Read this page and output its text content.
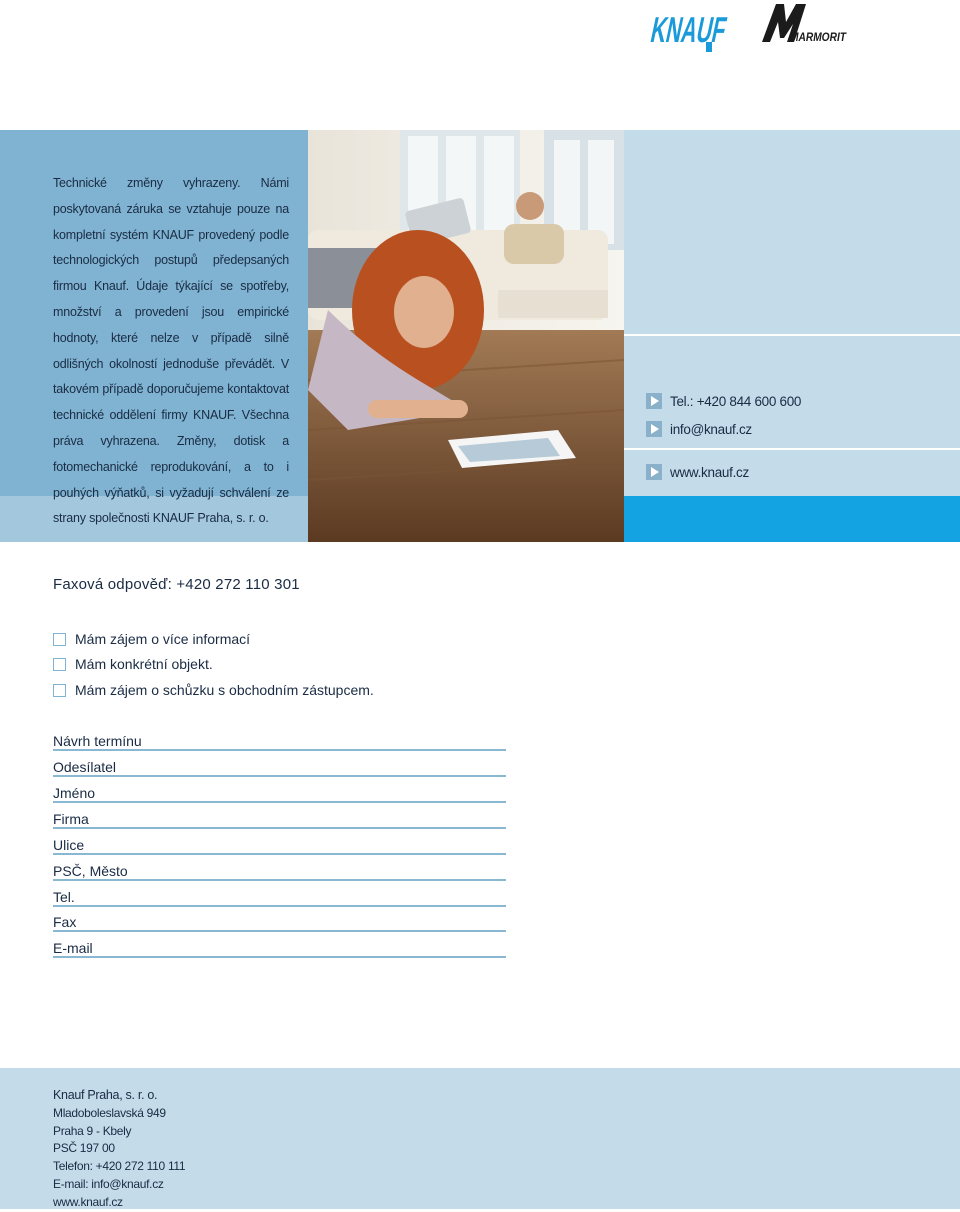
KNAUF MARMORIT
Technické změny vyhrazeny. Námi poskytovaná záruka se vztahuje pouze na kompletní systém KNAUF provedený podle technologických postupů předepsaných firmou Knauf. Údaje týkající se spotřeby, množství a provedení jsou empirické hodnoty, které nelze v případě silně odlišných okolností jednoduše převádět. V takovém případě doporučujeme kontaktovat technické oddělení firmy KNAUF. Všechna práva vyhrazena. Změny, dotisk a fotomechanické reprodukování, a to i pouhých výňatků, si vyžadují schválení ze strany společnosti KNAUF Praha, s. r. o.
Tel.: +420 844 600 600
info@knauf.cz
www.knauf.cz
Faxová odpověď: +420 272 110 301
Mám zájem o více informací
Mám konkrétní objekt.
Mám zájem o schůzku s obchodním zástupcem.
Návrh termínu
Odesílatel
Jméno
Firma
Ulice
PSČ, Město
Tel.
Fax
E-mail
Knauf Praha, s. r. o.
Mladoboleslavská 949
Praha 9 - Kbely
PSČ 197 00
Telefon: +420 272 110 111
E-mail: info@knauf.cz
www.knauf.cz
